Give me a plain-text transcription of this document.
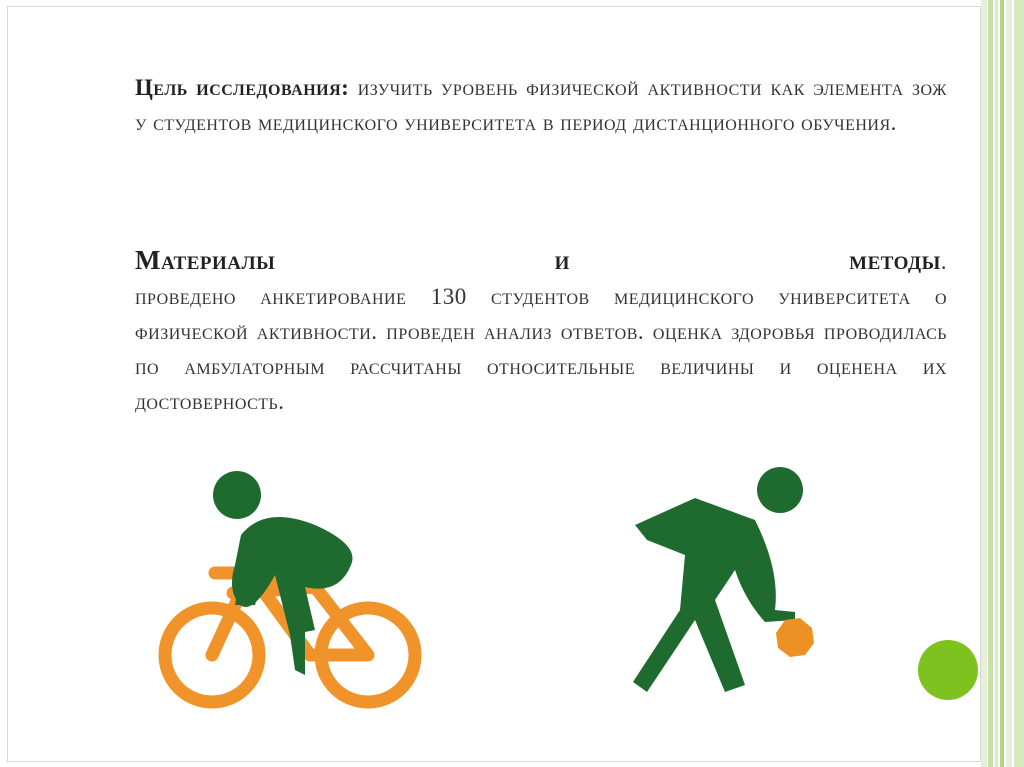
Цель исследования: изучить уровень физической активности как элемента зож у студентов медицинского университета в период дистанционного обучения.

Материалы и методы.
проведено анкетирование 130 студентов медицинского университета о физической активности. проведен анализ ответов. оценка здоровья проводилась по амбулаторным рассчитаны относительные величины и оценена их достоверность.
